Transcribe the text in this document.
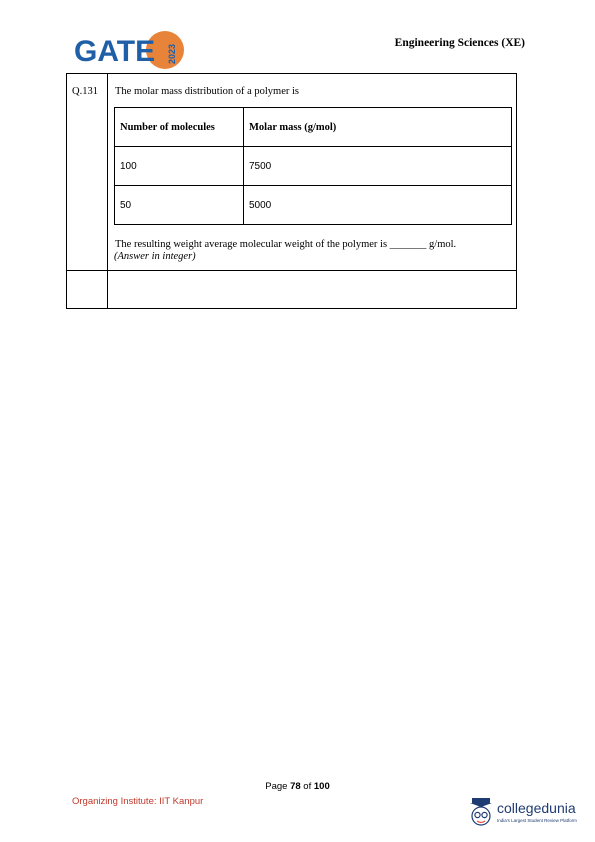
GATE 2023
Engineering Sciences (XE)
Q.131	The molar mass distribution of a polymer is
Number of molecules	Molar mass (g/mol)
100	7500
50	5000
The resulting weight average molecular weight of the polymer is _______ g/mol.
(Answer in integer)

Page 78 of 100
Organizing Institute: IIT Kanpur	collegedunia
India's Largest Student Review Platform
